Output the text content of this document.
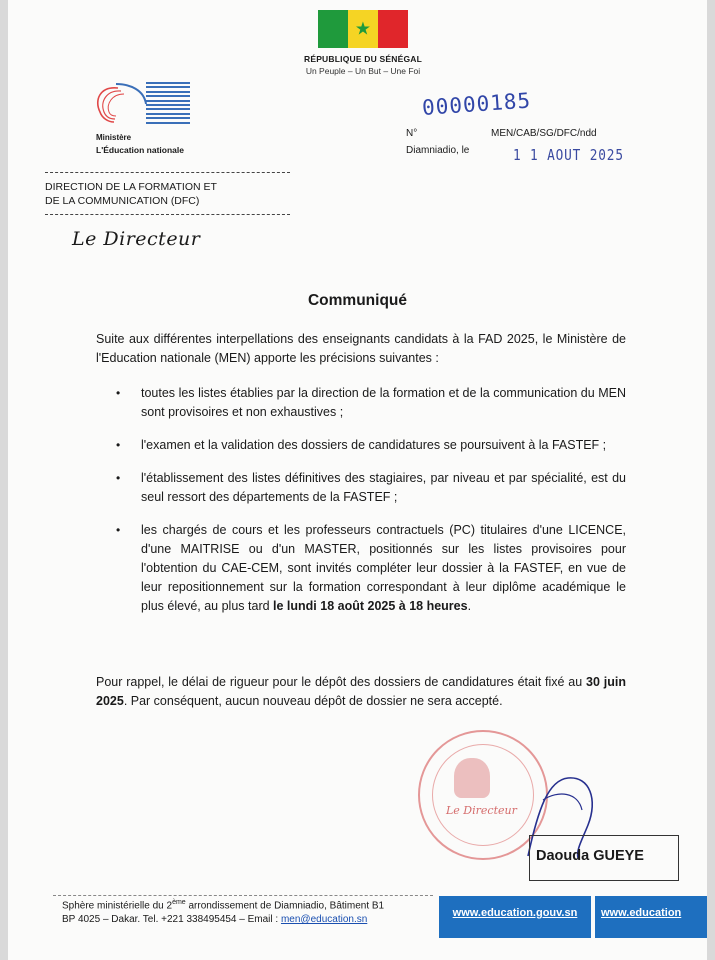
★
RÉPUBLIQUE DU SÉNÉGAL
Un Peuple – Un But – Une Foi
Ministère
L'Éducation nationale
00000185
N°	MEN/CAB/SG/DFC/ndd
Diamniadio, le	1 1 AOUT 2025
DIRECTION DE LA FORMATION ET
DE LA COMMUNICATION (DFC)
Le Directeur
Communiqué

Suite aux différentes interpellations des enseignants candidats à la FAD 2025, le Ministère de l'Education nationale (MEN) apporte les précisions suivantes :

• toutes les listes établies par la direction de la formation et de la communication du MEN sont provisoires et non exhaustives ;
• l'examen et la validation des dossiers de candidatures se poursuivent à la FASTEF ;
• l'établissement des listes définitives des stagiaires, par niveau et par spécialité, est du seul ressort des départements de la FASTEF ;
• les chargés de cours et les professeurs contractuels (PC) titulaires d'une LICENCE, d'une MAITRISE ou d'un MASTER, positionnés sur les listes provisoires pour l'obtention du CAE-CEM, sont invités compléter leur dossier à la FASTEF, en vue de leur repositionnement sur la formation correspondant à leur diplôme académique le plus élevé, au plus tard le lundi 18 août 2025 à 18 heures.

Pour rappel, le délai de rigueur pour le dépôt des dossiers de candidatures était fixé au 30 juin 2025. Par conséquent, aucun nouveau dépôt de dossier ne sera accepté.

Le Directeur
Daouda GUEYE
Sphère ministérielle du 2ème arrondissement de Diamniadio, Bâtiment B1
BP 4025 – Dakar. Tel. +221 338495454 – Email : men@education.sn
www.education.gouv.sn	www.education
